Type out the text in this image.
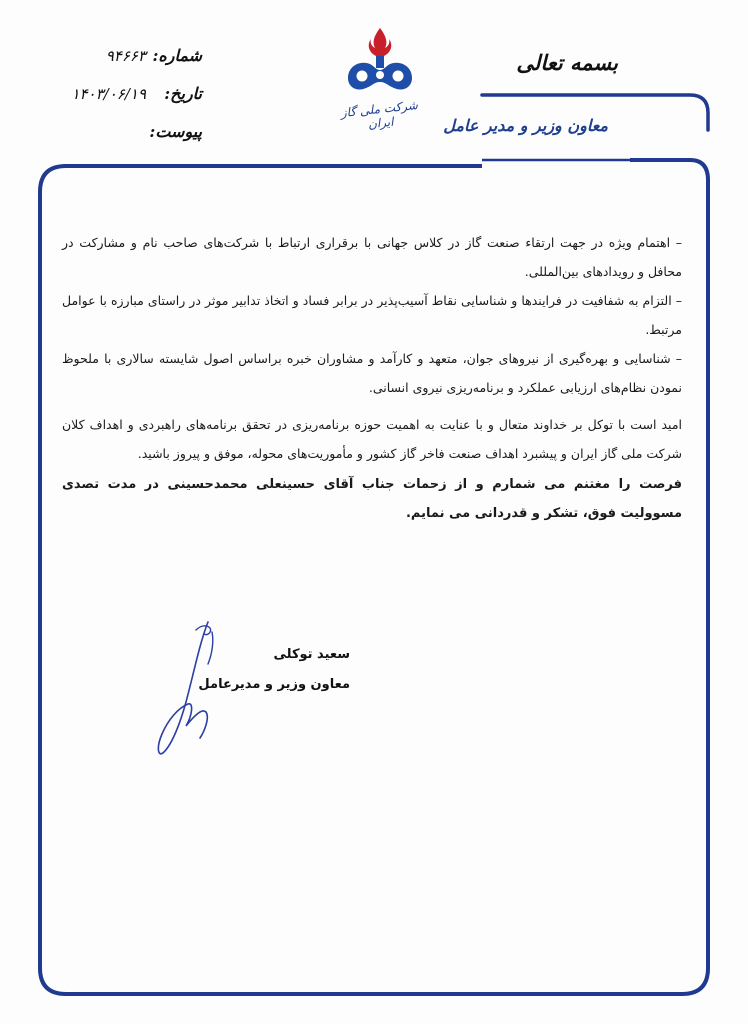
شماره:
۹۴۶۶۳
تاریخ:
۱۴۰۳/۰۶/۱۹
پیوست:
شرکت ملی گاز ایران
بسمه تعالی
معاون وزیر و مدیر عامل

– اهتمام ویژه در جهت ارتقاء صنعت گاز در کلاس جهانی با برقراری ارتباط با شرکت‌های صاحب نام و مشارکت در محافل و رویدادهای بین‌المللی.

– التزام به شفافیت در فرایندها و شناسایی نقاط آسیب‌پذیر در برابر فساد و اتخاذ تدابیر موثر در راستای مبارزه با عوامل مرتبط.

– شناسایی و بهره‌گیری از نیروهای جوان، متعهد و کارآمد و مشاوران خبره براساس اصول شایسته سالاری با ملحوظ نمودن نظام‌های ارزیابی عملکرد و برنامه‌ریزی نیروی انسانی.

امید است با توکل بر خداوند متعال و با عنایت به اهمیت حوزه برنامه‌ریزی در تحقق برنامه‌های راهبردی و اهداف کلان شرکت ملی گاز ایران و پیشبرد اهداف صنعت فاخر گاز کشور و مأموریت‌های محوله، موفق و پیروز باشید.

فرصت را مغتنم می شمارم و از زحمات جناب آقای حسینعلی محمدحسینی در مدت تصدی مسوولیت فوق، تشکر و قدردانی می نمایم.

سعید توکلی
معاون وزیر و مدیرعامل
